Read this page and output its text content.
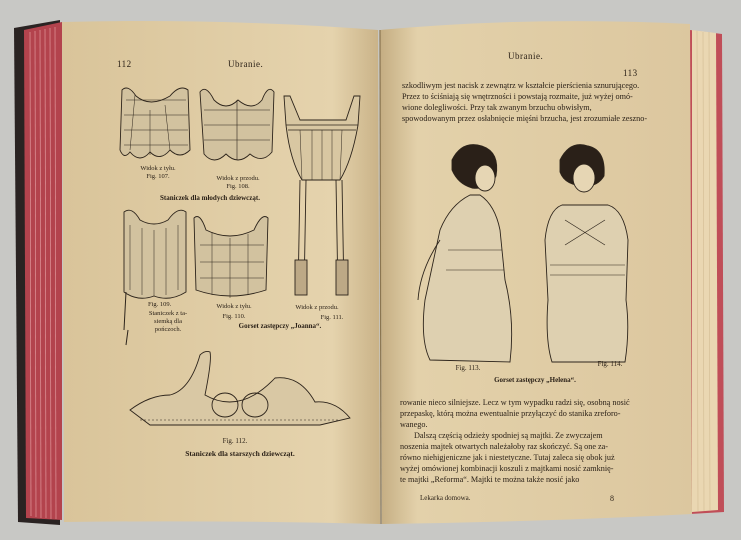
112	Ubranie.
Widok z tyłu.
Fig. 107.	Widok z przodu.
Fig. 108.
Staniczek dla młodych dziewcząt.
Fig. 109.
Staniczek z ta-
siemką dla
pończoch.
Widok z tyłu.
Fig. 110.
Widok z przodu.
Fig. 111.
Gorset zastępczy „Joanna“.
Fig. 112.
Staniczek dla starszych dziewcząt.
Ubranie.
113
szkodliwym jest nacisk z zewnątrz w kształcie pierścienia sznurującego.
Przez to ściśniają się wnętrzności i powstają rozmaite, już wyżej omó-
wione dolegliwości. Przy tak zwanym brzuchu obwisłym,
spowodowanym przez osłabnięcie mięśni brzucha, jest zrozumiałe zeszno-
Fig. 113.	Fig. 114.
Gorset zastępczy „Helena“.
rowanie nieco silniejsze. Lecz w tym wypadku radzi się, osobną nosić
przepaskę, którą można ewentualnie przyłączyć do stanika zreforo-
wanego.
Dalszą częścią odzieży spodniej są majtki. Ze zwyczajem
noszenia majtek otwartych należałoby raz skończyć. Są one za-
równo niehigjeniczne jak i niestetyczne. Tutaj zaleca się obok już
wyżej omówionej kombinacji koszuli z majtkami nosić zamknię-
te majtki „Reforma“. Majtki te można także nosić jako
Lekarka domowa.	8
